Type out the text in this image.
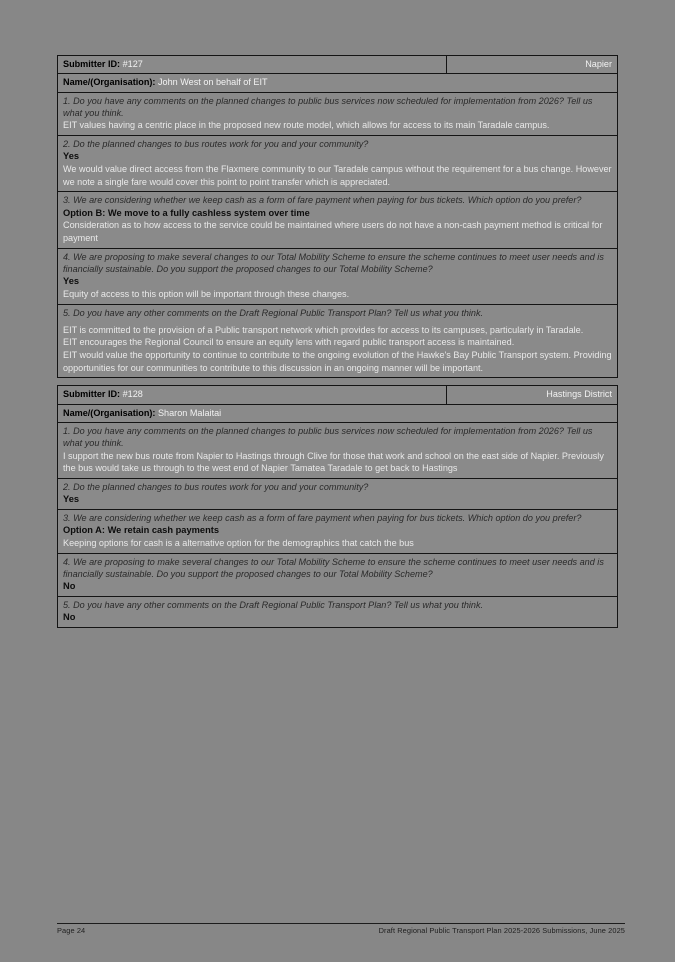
Submitter ID: #127	Napier
Name/(Organisation): John West on behalf of EIT

1. Do you have any comments on the planned changes to public bus services now scheduled for implementation from 2026? Tell us what you think.
EIT values having a centric place in the proposed new route model, which allows for access to its main Taradale campus.

2. Do the planned changes to bus routes work for you and your community?
Yes
We would value direct access from the Flaxmere community to our Taradale campus without the requirement for a bus change. However we note a single fare would cover this point to point transfer which is appreciated.

3. We are considering whether we keep cash as a form of fare payment when paying for bus tickets. Which option do you prefer?
Option B: We move to a fully cashless system over time
Consideration as to how access to the service could be maintained where users do not have a non-cash payment method is critical for payment

4. We are proposing to make several changes to our Total Mobility Scheme to ensure the scheme continues to meet user needs and is financially sustainable. Do you support the proposed changes to our Total Mobility Scheme?
Yes
Equity of access to this option will be important through these changes.

5. Do you have any other comments on the Draft Regional Public Transport Plan? Tell us what you think.
EIT is committed to the provision of a Public transport network which provides for access to its campuses, particularly in Taradale.
EIT encourages the Regional Council to ensure an equity lens with regard public transport access is maintained.
EIT would value the opportunity to continue to contribute to the ongoing evolution of the Hawke's Bay Public Transport system. Providing opportunities for our communities to contribute to this discussion in an ongoing manner will be important.
Submitter ID: #128	Hastings District
Name/(Organisation): Sharon Malaitai

1. Do you have any comments on the planned changes to public bus services now scheduled for implementation from 2026? Tell us what you think.
I support the new bus route from Napier to Hastings through Clive for those that work and school on the east side of Napier. Previously the bus would take us through to the west end of Napier Tamatea Taradale to get back to Hastings

2. Do the planned changes to bus routes work for you and your community?
Yes

3. We are considering whether we keep cash as a form of fare payment when paying for bus tickets. Which option do you prefer?
Option A: We retain cash payments
Keeping options for cash is a alternative option for the demographics that catch the bus

4. We are proposing to make several changes to our Total Mobility Scheme to ensure the scheme continues to meet user needs and is financially sustainable. Do you support the proposed changes to our Total Mobility Scheme?
No

5. Do you have any other comments on the Draft Regional Public Transport Plan? Tell us what you think.
No
Page 24	Draft Regional Public Transport Plan 2025-2026 Submissions, June 2025
